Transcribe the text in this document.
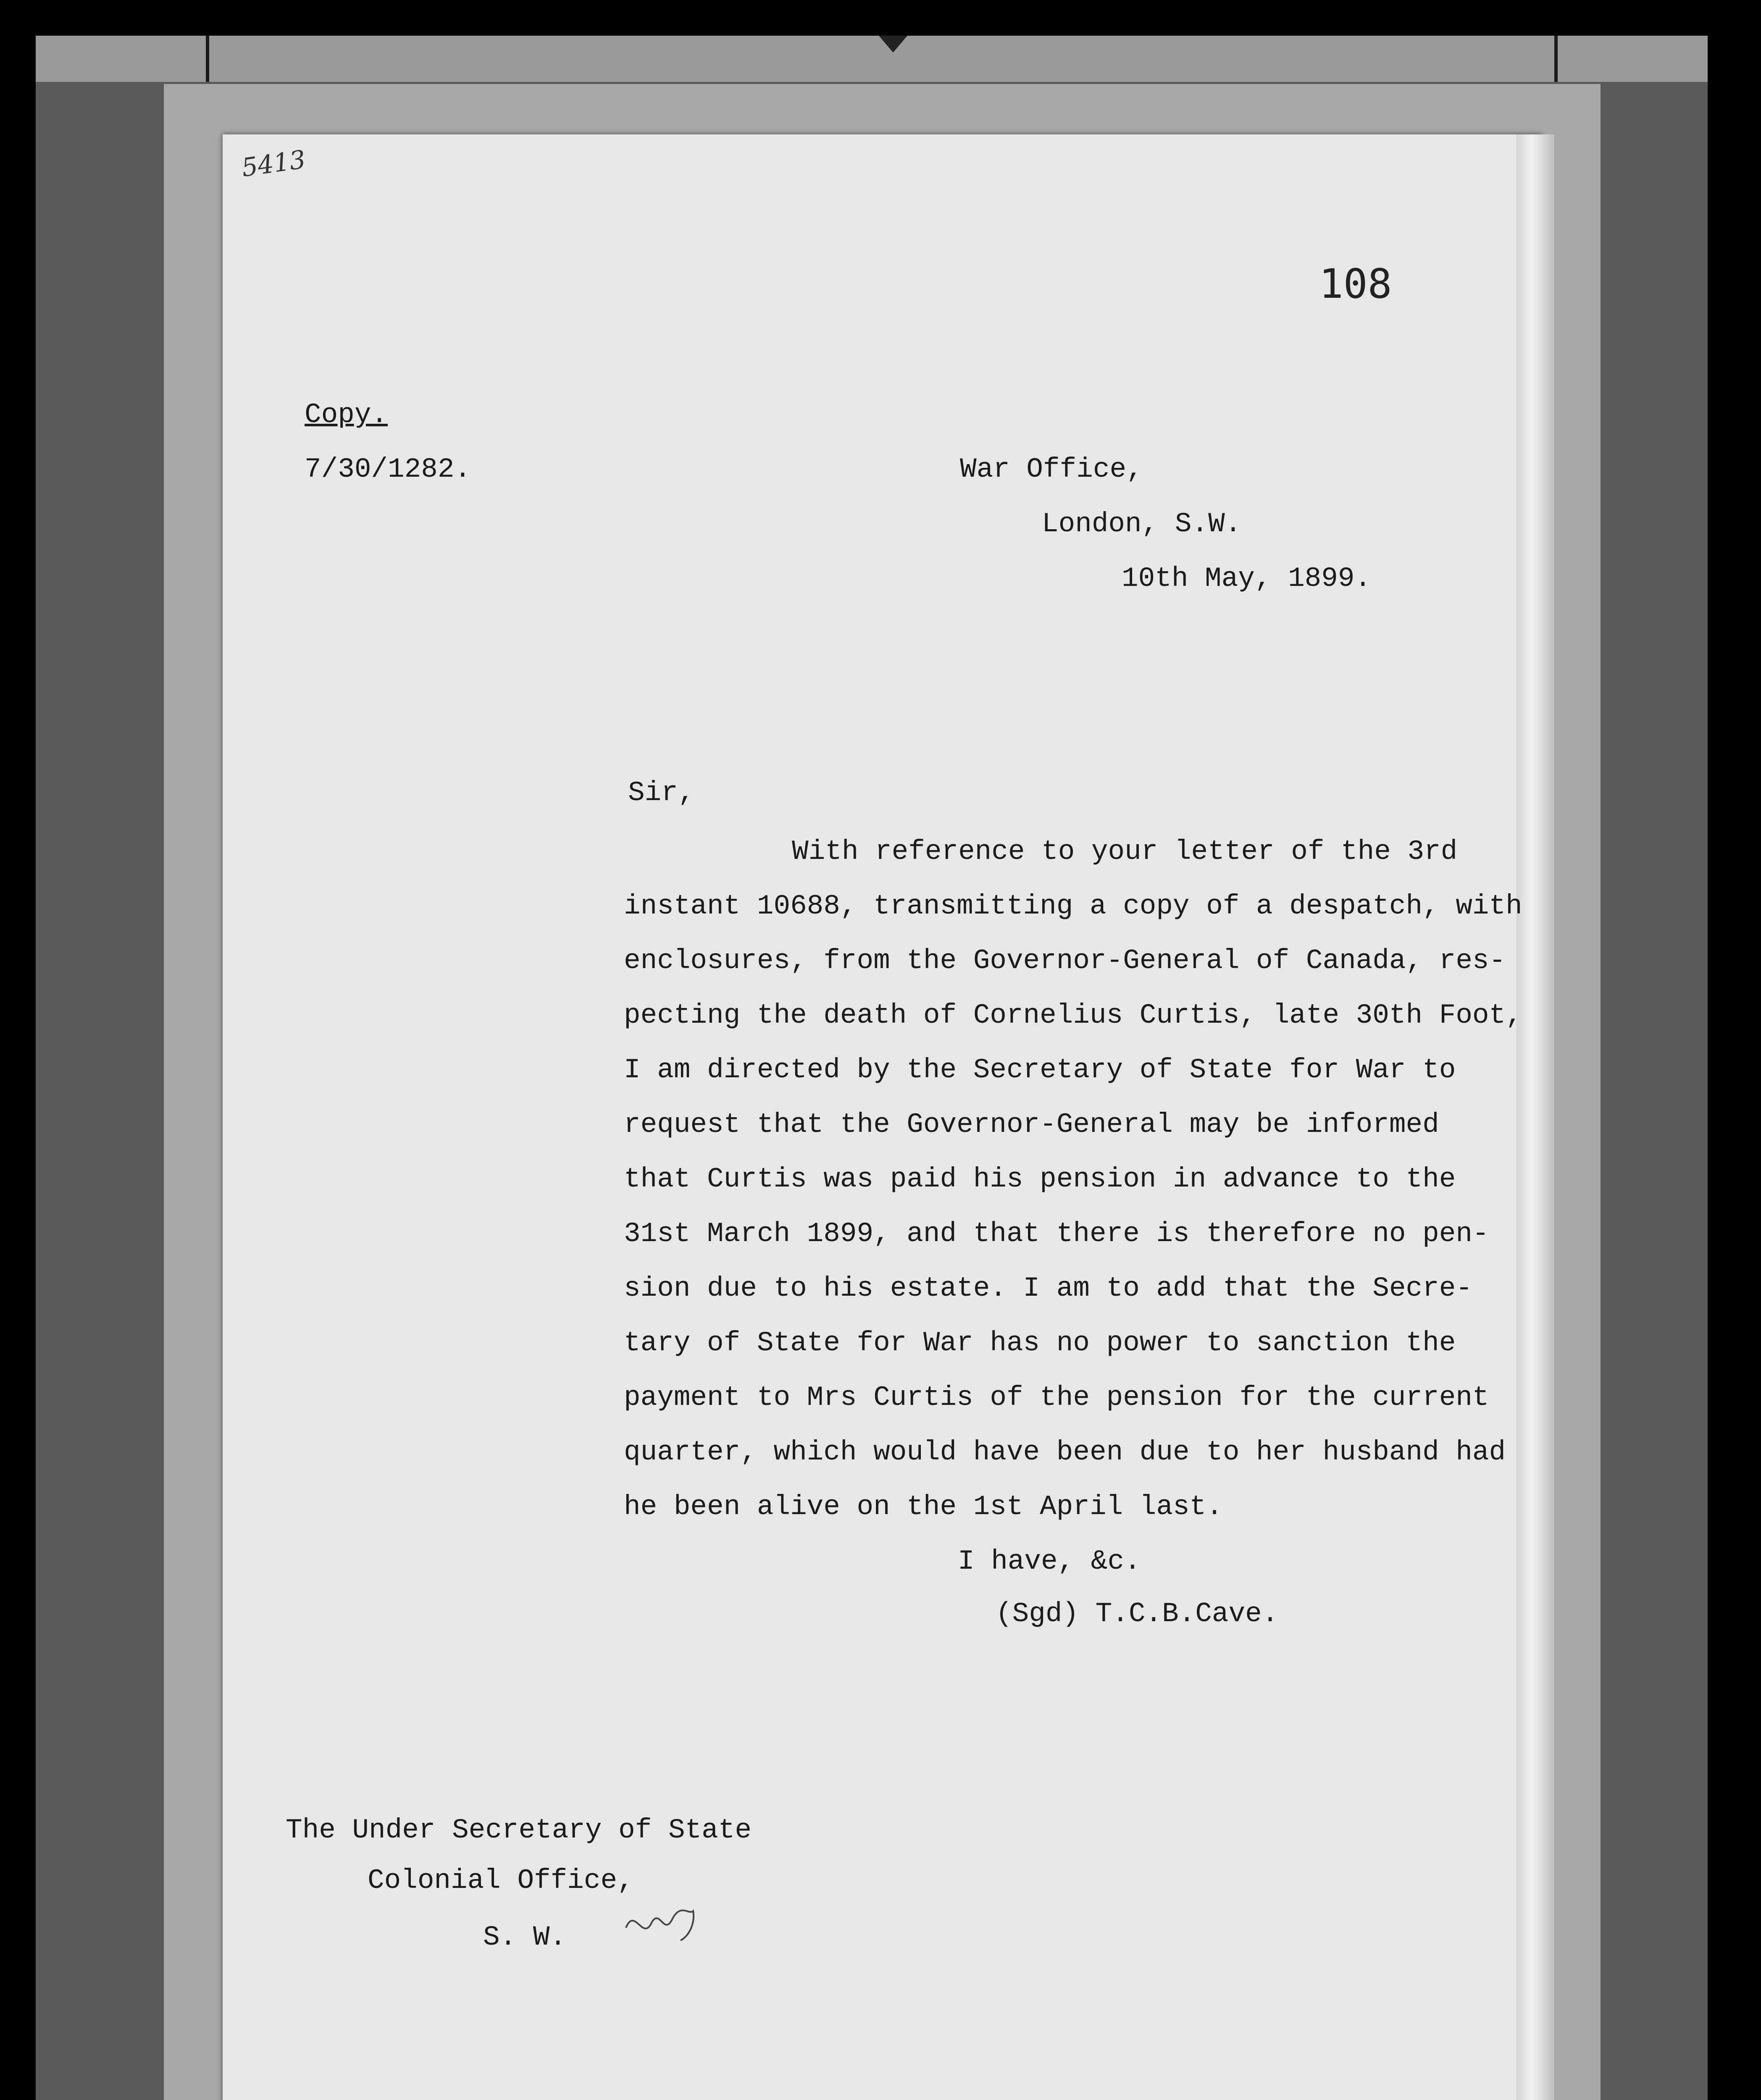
5413
108
Copy.
7/30/1282.	War Office,
London, S.W.
10th May, 1899.
Sir,
With reference to your letter of the 3rd
instant 10688, transmitting a copy of a despatch, with
enclosures, from the Governor-General of Canada, res-
pecting the death of Cornelius Curtis, late 30th Foot,
I am directed by the Secretary of State for War to
request that the Governor-General may be informed
that Curtis was paid his pension in advance to the
31st March 1899, and that there is therefore no pen-
sion due to his estate. I am to add that the Secre-
tary of State for War has no power to sanction the
payment to Mrs Curtis of the pension for the current
quarter, which would have been due to her husband had
he been alive on the 1st April last.
I have, &c.
(Sgd) T.C.B.Cave.
The Under Secretary of State
Colonial Office,
S. W.
